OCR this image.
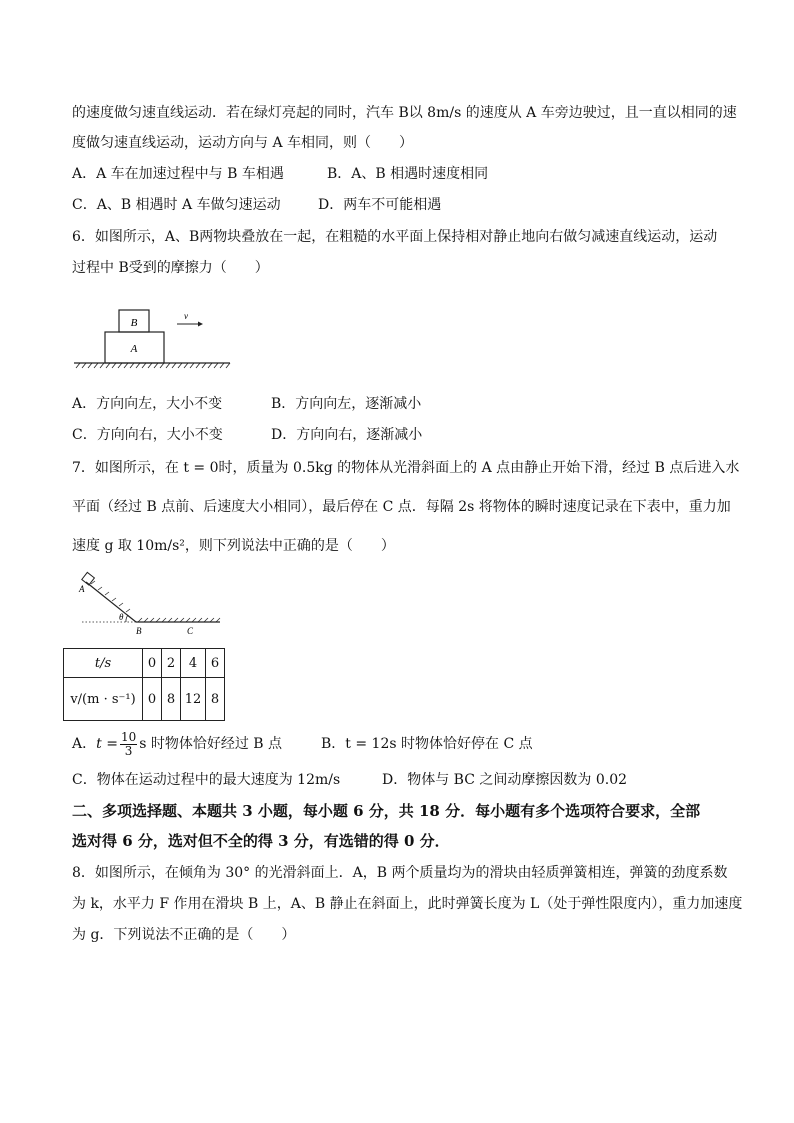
的速度做匀速直线运动．若在绿灯亮起的同时，汽车 B以 8m/s 的速度从 A 车旁边驶过，且一直以相同的速
度做匀速直线运动，运动方向与 A 车相同，则（　　）
A．A 车在加速过程中与 B 车相遇	B．A、B 相遇时速度相同
C．A、B 相遇时 A 车做匀速运动	D．两车不可能相遇
6．如图所示，A、B两物块叠放在一起，在粗糙的水平面上保持相对静止地向右做匀减速直线运动，运动
过程中 B受到的摩擦力（　　）
B
A
v
A．方向向左，大小不变	B．方向向左，逐渐减小
C．方向向右，大小不变	D．方向向右，逐渐减小
7．如图所示，在 t = 0时，质量为 0.5kg 的物体从光滑斜面上的 A 点由静止开始下滑，经过 B 点后进入水
平面（经过 B 点前、后速度大小相同），最后停在 C 点．每隔 2s 将物体的瞬时速度记录在下表中，重力加
速度 g 取 10m/s²，则下列说法中正确的是（　　）
A
θ
B	C
t/s	0	2	4	6
v/(m · s⁻¹)	0	8	12	8
A．$t = \frac{10}{3}$ s 时物体恰好经过 B 点	B．t = 12s 时物体恰好停在 C 点
C．物体在运动过程中的最大速度为 12m/s	D．物体与 BC 之间动摩擦因数为 0.02
二、多项选择题、本题共 3 小题，每小题 6 分，共 18 分．每小题有多个选项符合要求，全部
选对得 6 分，选对但不全的得 3 分，有选错的得 0 分．
8．如图所示，在倾角为 30° 的光滑斜面上．A，B 两个质量均为的滑块由轻质弹簧相连，弹簧的劲度系数
为 k，水平力 F 作用在滑块 B 上，A、B 静止在斜面上，此时弹簧长度为 L（处于弹性限度内），重力加速度
为 g．下列说法不正确的是（　　）
